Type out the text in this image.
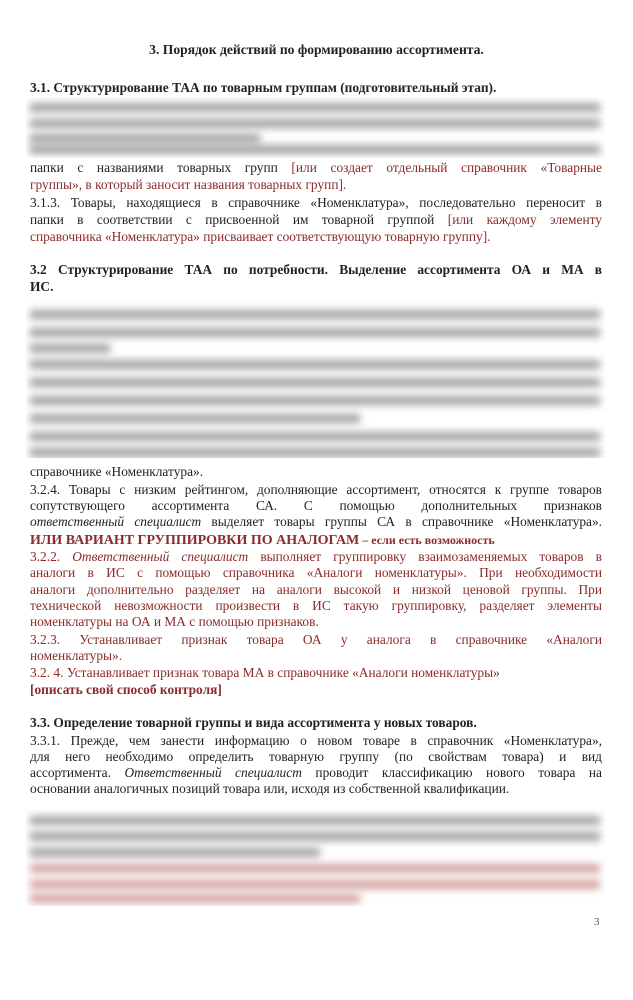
3. Порядок действий по формированию ассортимента.
3.1. Структурирование ТАА по товарным группам (подготовительный этап).
папки с названиями товарных групп [или создает отдельный справочник «Товарные
группы», в который заносит названия товарных групп].
3.1.3. Товары, находящиеся в справочнике «Номенклатура», последовательно переносит в
папки в соответствии с присвоенной им товарной группой [или каждому элементу
справочника «Номенклатура» присваивает соответствующую товарную группу].
3.2 Структурирование ТАА по потребности. Выделение ассортимента ОА и МА в
ИС.
справочнике «Номенклатура».
3.2.4. Товары с низким рейтингом, дополняющие ассортимент, относятся к группе товаров
сопутствующего ассортимента СА. С помощью дополнительных признаков
ответственный специалист выделяет товары группы СА в справочнике «Номенклатура».
ИЛИ ВАРИАНТ ГРУППИРОВКИ ПО АНАЛОГАМ – если есть возможность
3.2.2. Ответственный специалист выполняет группировку взаимозаменяемых товаров в
аналоги в ИС с помощью справочника «Аналоги номенклатуры». При необходимости
аналоги дополнительно разделяет на аналоги высокой и низкой ценовой группы. При
технической невозможности произвести в ИС такую группировку, разделяет элементы
номенклатуры на ОА и МА с помощью признаков.
3.2.3. Устанавливает признак товара ОА у аналога в справочнике «Аналоги
номенклатуры».
3.2. 4. Устанавливает признак товара МА в справочнике «Аналоги номенклатуры»
[описать свой способ контроля]
3.3. Определение товарной группы и вида ассортимента у новых товаров.
3.3.1. Прежде, чем занести информацию о новом товаре в справочник «Номенклатура»,
для него необходимо определить товарную группу (по свойствам товара) и вид
ассортимента. Ответственный специалист проводит классификацию нового товара на
основании аналогичных позиций товара или, исходя из собственной квалификации.
3
